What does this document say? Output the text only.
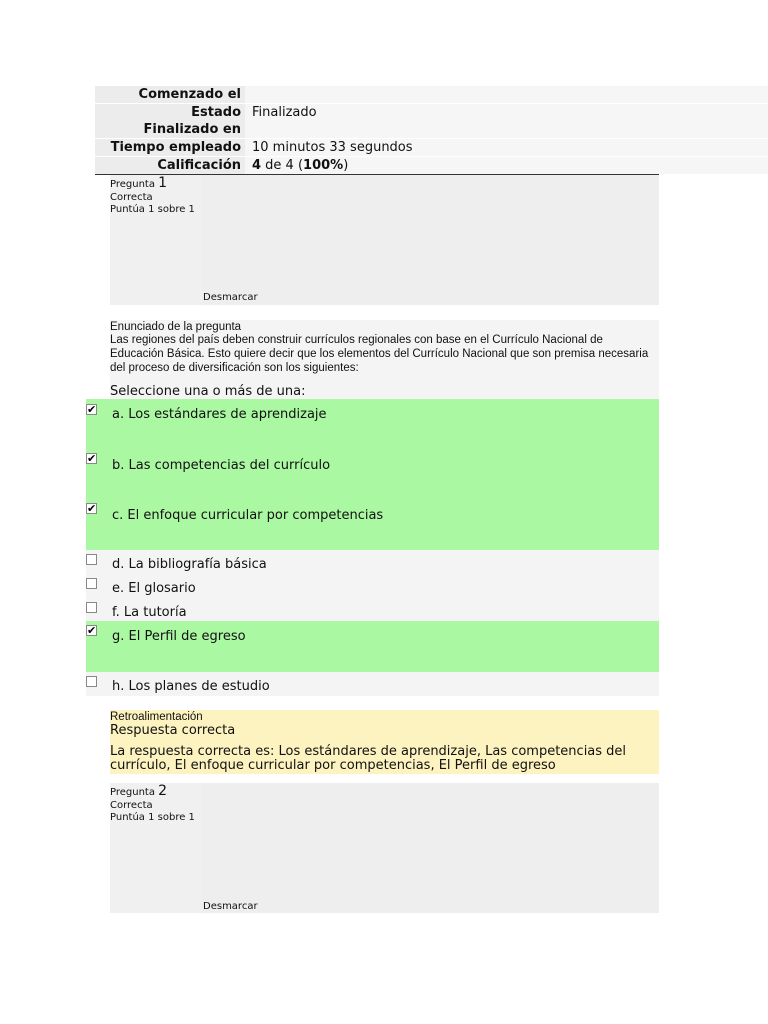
Comenzado el
Estado Finalizado
Finalizado en
Tiempo empleado 10 minutos 33 segundos
Calificación 4 de 4 (100%)
Pregunta 1
Correcta
Puntúa 1 sobre 1
Desmarcar
Enunciado de la pregunta
Las regiones del país deben construir currículos regionales con base en el Currículo Nacional de Educación Básica. Esto quiere decir que los elementos del Currículo Nacional que son premisa necesaria del proceso de diversificación son los siguientes:
Seleccione una o más de una:
✔ a. Los estándares de aprendizaje
✔ b. Las competencias del currículo
✔ c. El enfoque curricular por competencias
d. La bibliografía básica
e. El glosario
f. La tutoría
✔ g. El Perfil de egreso
h. Los planes de estudio
Retroalimentación
Respuesta correcta
La respuesta correcta es: Los estándares de aprendizaje, Las competencias del currículo, El enfoque curricular por competencias, El Perfil de egreso
Pregunta 2
Correcta
Puntúa 1 sobre 1
Desmarcar
